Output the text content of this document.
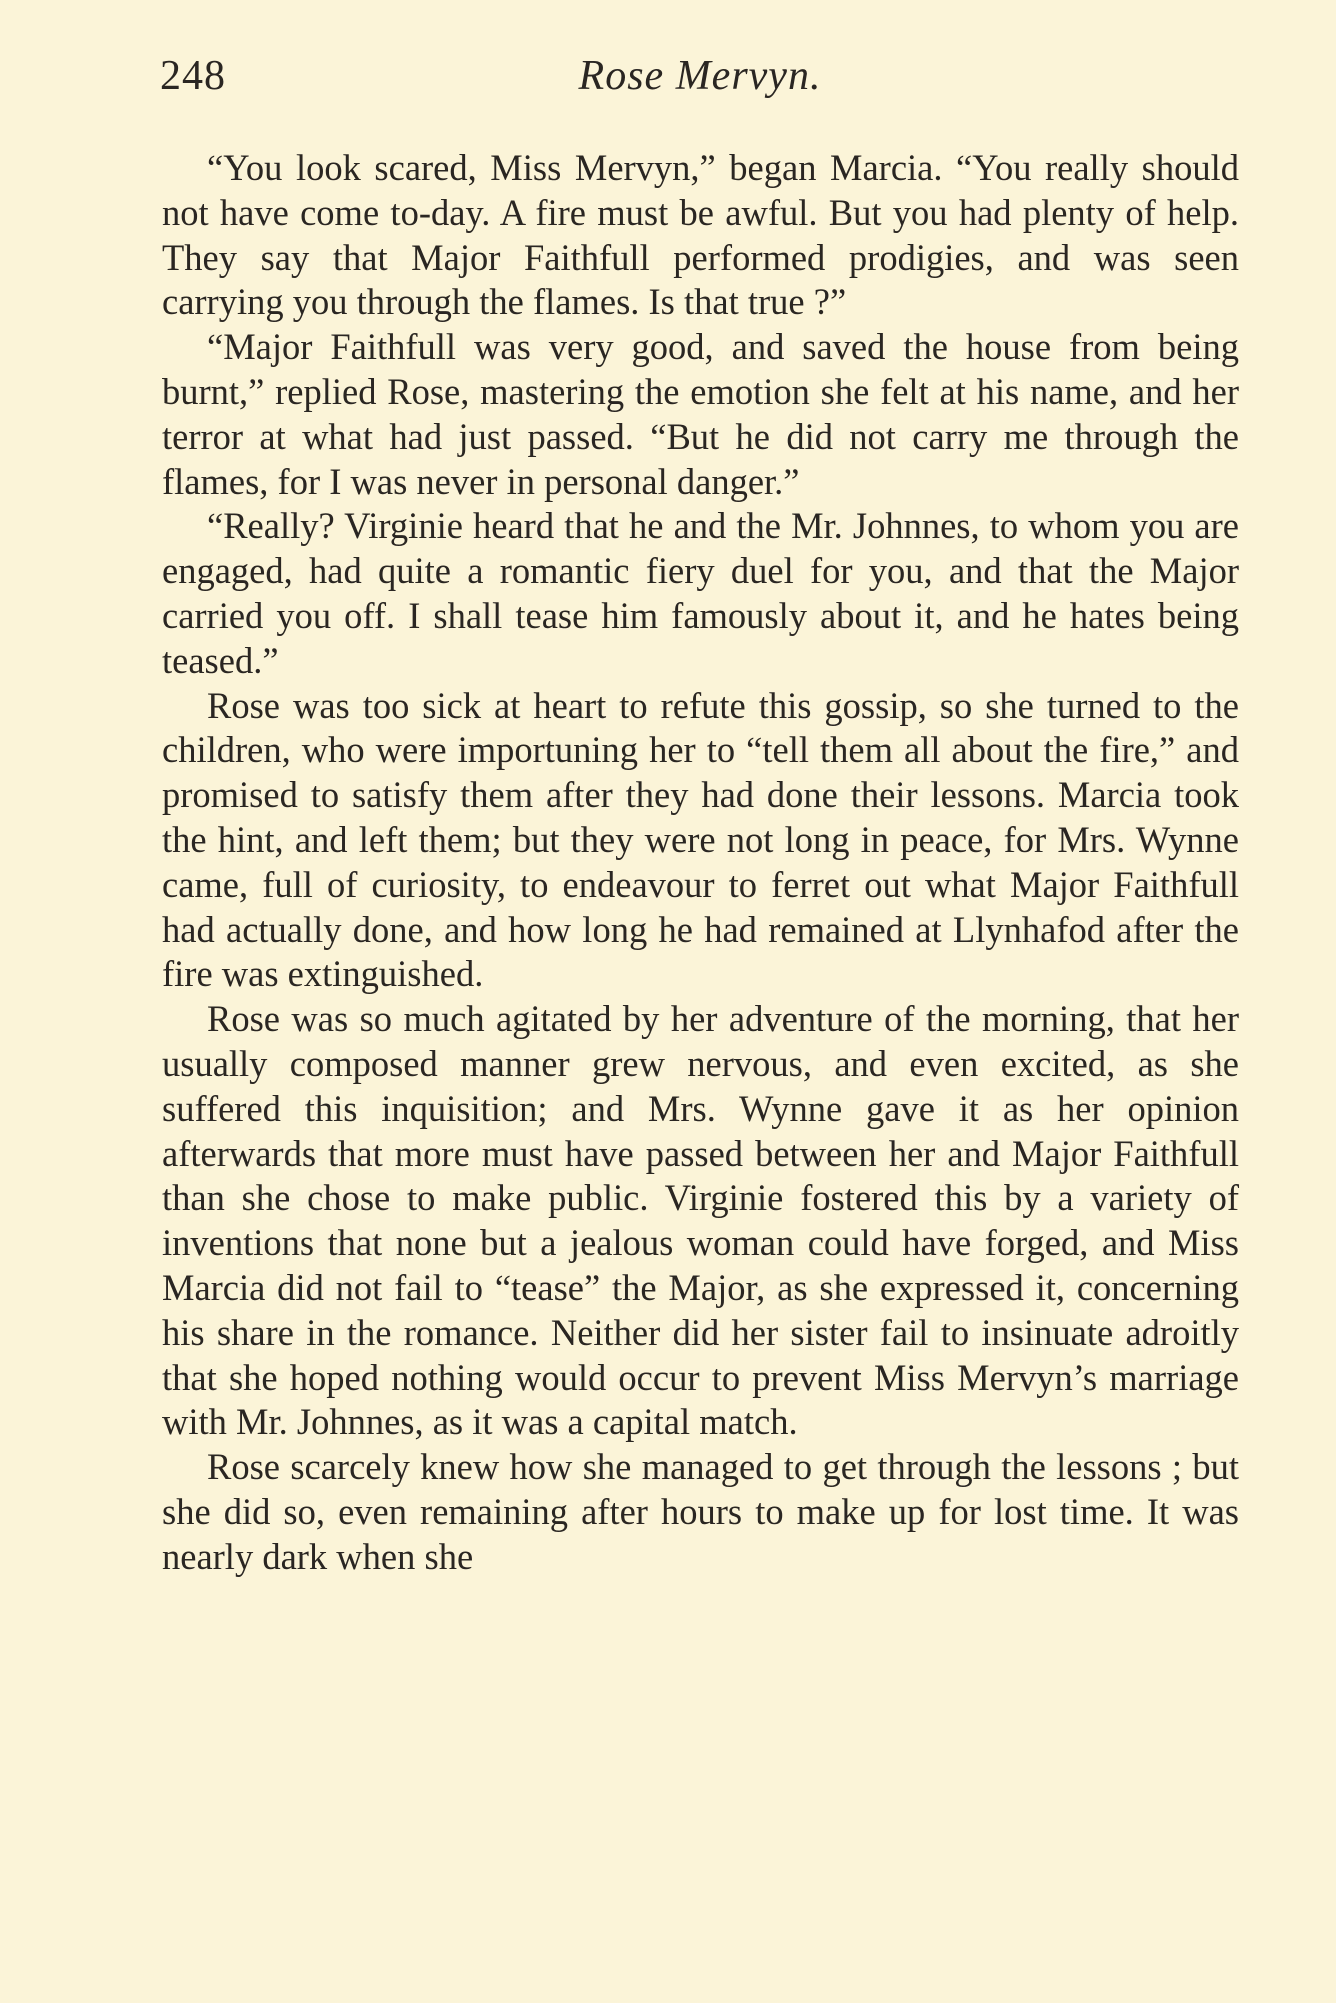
248	Rose Mervyn.

“You look scared, Miss Mervyn,” began Marcia. “You really should not have come to-day. A fire must be awful. But you had plenty of help. They say that Major Faithfull performed prodigies, and was seen carrying you through the flames. Is that true ?”

“Major Faithfull was very good, and saved the house from being burnt,” replied Rose, mastering the emotion she felt at his name, and her terror at what had just passed. “But he did not carry me through the flames, for I was never in personal danger.”

“Really? Virginie heard that he and the Mr. Johnnes, to whom you are engaged, had quite a romantic fiery duel for you, and that the Major carried you off. I shall tease him famously about it, and he hates being teased.”

Rose was too sick at heart to refute this gossip, so she turned to the children, who were importuning her to “tell them all about the fire,” and promised to satisfy them after they had done their lessons. Marcia took the hint, and left them; but they were not long in peace, for Mrs. Wynne came, full of curiosity, to endeavour to ferret out what Major Faithfull had actually done, and how long he had remained at Llynhafod after the fire was extinguished.

Rose was so much agitated by her adventure of the morning, that her usually composed manner grew nervous, and even excited, as she suffered this inquisition; and Mrs. Wynne gave it as her opinion afterwards that more must have passed between her and Major Faithfull than she chose to make public. Virginie fostered this by a variety of inventions that none but a jealous woman could have forged, and Miss Marcia did not fail to “tease” the Major, as she expressed it, concerning his share in the romance. Neither did her sister fail to insinuate adroitly that she hoped nothing would occur to prevent Miss Mervyn’s marriage with Mr. Johnnes, as it was a capital match.

Rose scarcely knew how she managed to get through the lessons ; but she did so, even remaining after hours to make up for lost time. It was nearly dark when she
